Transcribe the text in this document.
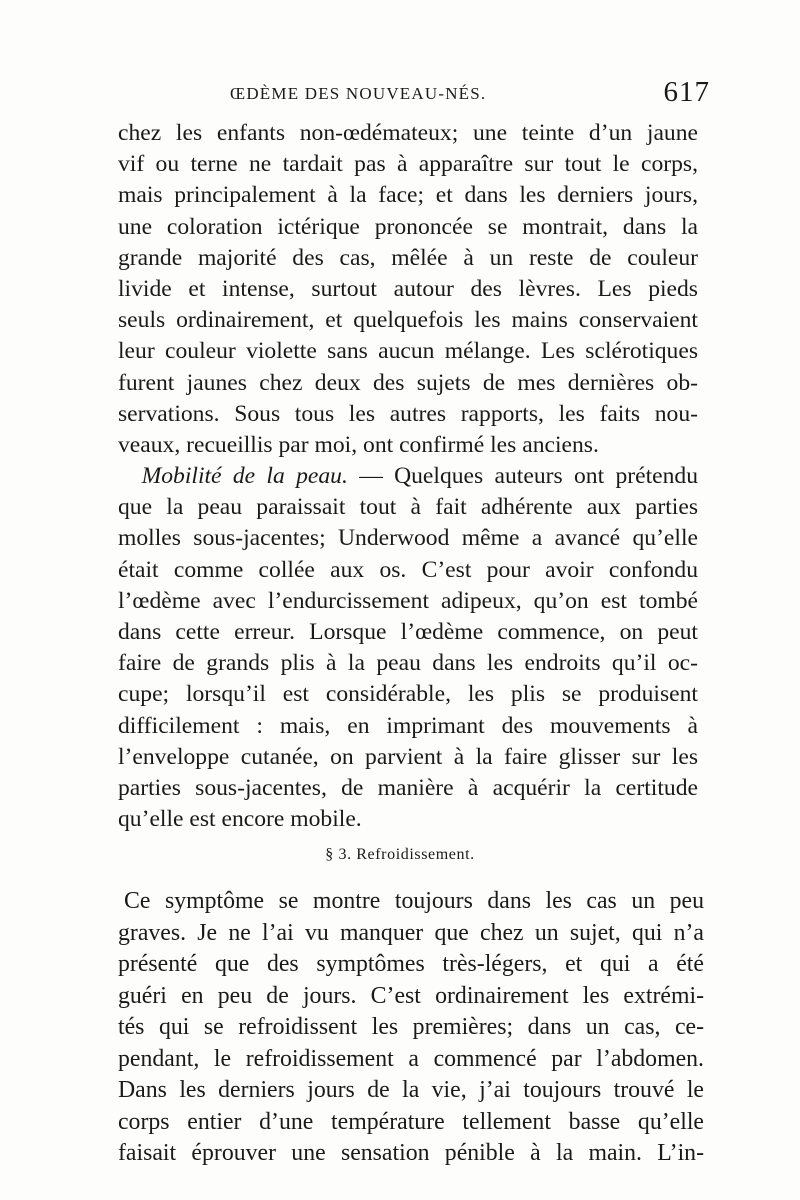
ŒDÈME DES NOUVEAU-NÉS.	617
chez les enfants non-œdémateux; une teinte d’un jaune
vif ou terne ne tardait pas à apparaître sur tout le corps,
mais principalement à la face; et dans les derniers jours,
une coloration ictérique prononcée se montrait, dans la
grande majorité des cas, mêlée à un reste de couleur
livide et intense, surtout autour des lèvres. Les pieds
seuls ordinairement, et quelquefois les mains conservaient
leur couleur violette sans aucun mélange. Les sclérotiques
furent jaunes chez deux des sujets de mes dernières ob-
servations. Sous tous les autres rapports, les faits nou-
veaux, recueillis par moi, ont confirmé les anciens.
 Mobilité de la peau. — Quelques auteurs ont prétendu
que la peau paraissait tout à fait adhérente aux parties
molles sous-jacentes; Underwood même a avancé qu’elle
était comme collée aux os. C’est pour avoir confondu
l’œdème avec l’endurcissement adipeux, qu’on est tombé
dans cette erreur. Lorsque l’œdème commence, on peut
faire de grands plis à la peau dans les endroits qu’il oc-
cupe; lorsqu’il est considérable, les plis se produisent
difficilement : mais, en imprimant des mouvements à
l’enveloppe cutanée, on parvient à la faire glisser sur les
parties sous-jacentes, de manière à acquérir la certitude
qu’elle est encore mobile.
§ 3. Refroidissement.
Ce symptôme se montre toujours dans les cas un peu
graves. Je ne l’ai vu manquer que chez un sujet, qui n’a
présenté que des symptômes très-légers, et qui a été
guéri en peu de jours. C’est ordinairement les extrémi-
tés qui se refroidissent les premières; dans un cas, ce-
pendant, le refroidissement a commencé par l’abdomen.
Dans les derniers jours de la vie, j’ai toujours trouvé le
corps entier d’une température tellement basse qu’elle
faisait éprouver une sensation pénible à la main. L’in-
